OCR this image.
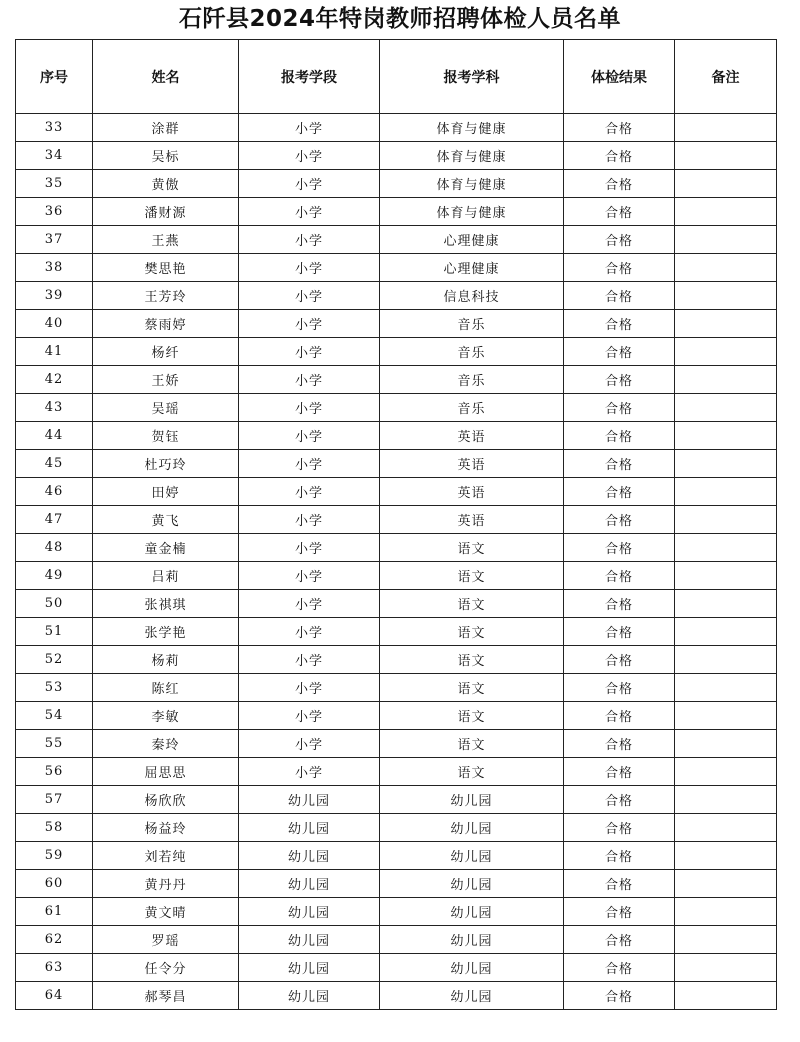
石阡县2024年特岗教师招聘体检人员名单
序号	姓名	报考学段	报考学科	体检结果	备注
33	涂群	小学	体育与健康	合格	
34	吴标	小学	体育与健康	合格	
35	黄傲	小学	体育与健康	合格	
36	潘财源	小学	体育与健康	合格	
37	王燕	小学	心理健康	合格	
38	樊思艳	小学	心理健康	合格	
39	王芳玲	小学	信息科技	合格	
40	蔡雨婷	小学	音乐	合格	
41	杨纤	小学	音乐	合格	
42	王娇	小学	音乐	合格	
43	吴瑶	小学	音乐	合格	
44	贺钰	小学	英语	合格	
45	杜巧玲	小学	英语	合格	
46	田婷	小学	英语	合格	
47	黄飞	小学	英语	合格	
48	童金楠	小学	语文	合格	
49	吕莉	小学	语文	合格	
50	张祺琪	小学	语文	合格	
51	张学艳	小学	语文	合格	
52	杨莉	小学	语文	合格	
53	陈红	小学	语文	合格	
54	李敏	小学	语文	合格	
55	秦玲	小学	语文	合格	
56	屈思思	小学	语文	合格	
57	杨欣欣	幼儿园	幼儿园	合格	
58	杨益玲	幼儿园	幼儿园	合格	
59	刘若纯	幼儿园	幼儿园	合格	
60	黄丹丹	幼儿园	幼儿园	合格	
61	黄文晴	幼儿园	幼儿园	合格	
62	罗瑶	幼儿园	幼儿园	合格	
63	任令分	幼儿园	幼儿园	合格	
64	郝琴昌	幼儿园	幼儿园	合格	
